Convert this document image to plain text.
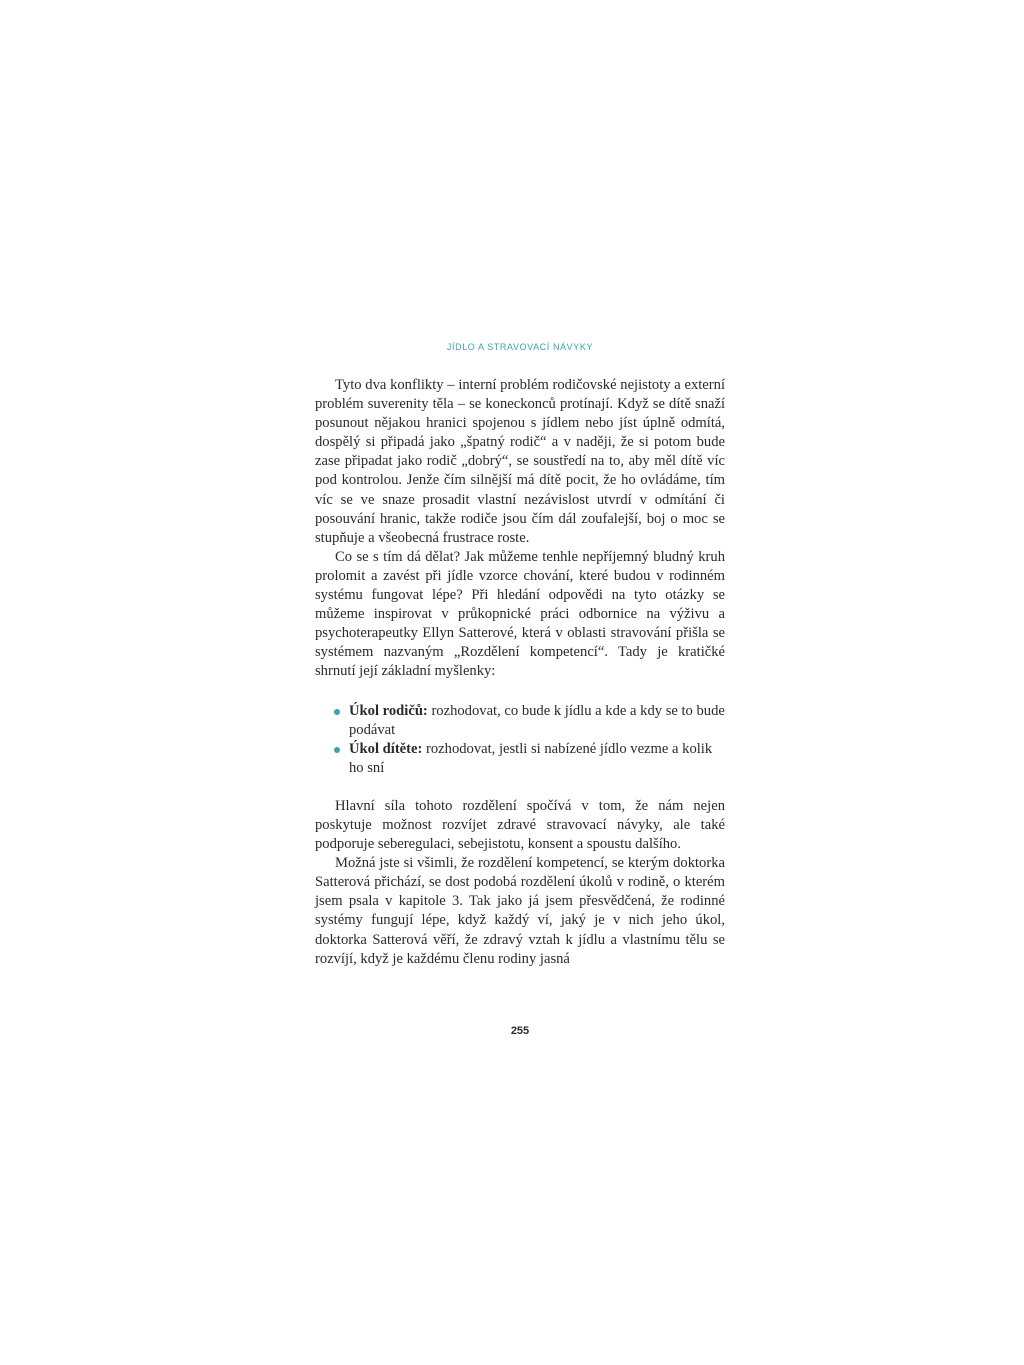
JÍDLO A STRAVOVACÍ NÁVYKY

Tyto dva konflikty – interní problém rodičovské nejistoty a externí problém suverenity těla – se koneckonců protínají. Když se dítě snaží posunout nějakou hranici spojenou s jídlem nebo jíst úplně odmítá, dospělý si připadá jako „špatný rodič“ a v naději, že si potom bude zase připadat jako rodič „dobrý“, se soustředí na to, aby měl dítě víc pod kontrolou. Jenže čím silnější má dítě pocit, že ho ovládáme, tím víc se ve snaze prosadit vlastní nezávislost utvrdí v odmítání či posouvání hranic, takže rodiče jsou čím dál zoufalejší, boj o moc se stupňuje a všeobecná frustrace roste.

Co se s tím dá dělat? Jak můžeme tenhle nepříjemný bludný kruh prolomit a zavést při jídle vzorce chování, které budou v rodinném systému fungovat lépe? Při hledání odpovědi na tyto otázky se můžeme inspirovat v průkopnické práci odbornice na výživu a psychoterapeutky Ellyn Satterové, která v oblasti stravování přišla se systémem nazvaným „Rozdělení kompetencí“. Tady je kratičké shrnutí její základní myšlenky:

Úkol rodičů: rozhodovat, co bude k jídlu a kde a kdy se to bude podávat
Úkol dítěte: rozhodovat, jestli si nabízené jídlo vezme a kolik ho sní

Hlavní síla tohoto rozdělení spočívá v tom, že nám nejen poskytuje možnost rozvíjet zdravé stravovací návyky, ale také podporuje seberegulaci, sebejistotu, konsent a spoustu dalšího.

Možná jste si všimli, že rozdělení kompetencí, se kterým doktorka Satterová přichází, se dost podobá rozdělení úkolů v rodině, o kterém jsem psala v kapitole 3. Tak jako já jsem přesvědčená, že rodinné systémy fungují lépe, když každý ví, jaký je v nich jeho úkol, doktorka Satterová věří, že zdravý vztah k jídlu a vlastnímu tělu se rozvíjí, když je každému členu rodiny jasná

255
